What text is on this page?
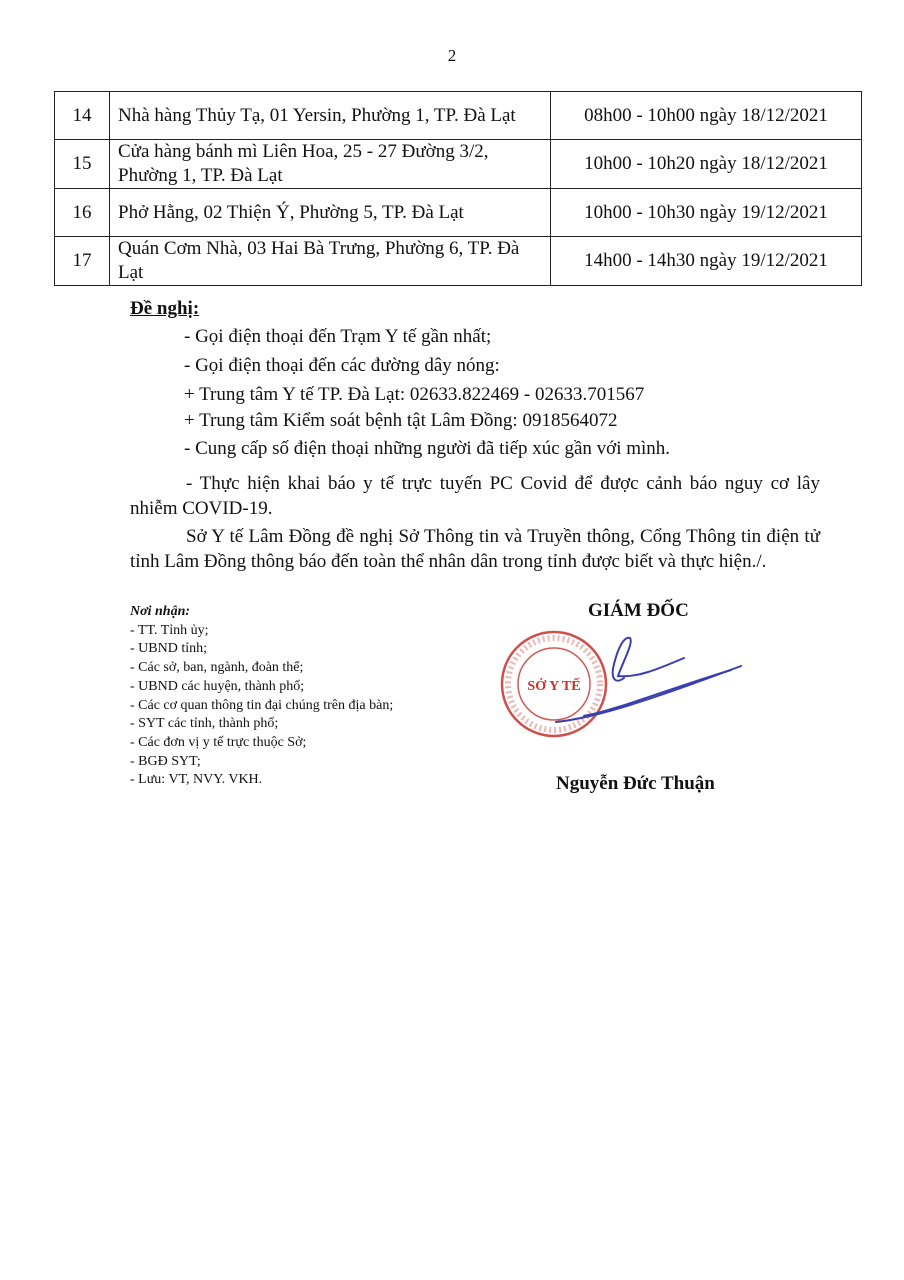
2
14	Nhà hàng Thủy Tạ, 01 Yersin, Phường 1, TP. Đà Lạt	08h00 - 10h00 ngày 18/12/2021
15	Cửa hàng bánh mì Liên Hoa, 25 - 27 Đường 3/2, Phường 1, TP. Đà Lạt	10h00 - 10h20 ngày 18/12/2021
16	Phở Hằng, 02 Thiện Ý, Phường 5, TP. Đà Lạt	10h00 - 10h30 ngày 19/12/2021
17	Quán Cơm Nhà, 03 Hai Bà Trưng, Phường 6, TP. Đà Lạt	14h00 - 14h30 ngày 19/12/2021
Đề nghị:
- Gọi điện thoại đến Trạm Y tế gần nhất;
- Gọi điện thoại đến các đường dây nóng:
+ Trung tâm Y tế TP. Đà Lạt: 02633.822469 - 02633.701567
+ Trung tâm Kiểm soát bệnh tật Lâm Đồng: 0918564072
- Cung cấp số điện thoại những người đã tiếp xúc gần với mình.
- Thực hiện khai báo y tế trực tuyến PC Covid để được cảnh báo nguy cơ lây nhiễm COVID-19.
Sở Y tế Lâm Đồng đề nghị Sở Thông tin và Truyền thông, Cổng Thông tin điện tử tỉnh Lâm Đồng thông báo đến toàn thể nhân dân trong tỉnh được biết và thực hiện./.
Nơi nhận:
- TT. Tỉnh ủy;
- UBND tỉnh;
- Các sở, ban, ngành, đoàn thể;
- UBND các huyện, thành phố;
- Các cơ quan thông tin đại chúng trên địa bàn;
- SYT các tỉnh, thành phố;
- Các đơn vị y tế trực thuộc Sở;
- BGĐ SYT;
- Lưu: VT, NVY. VKH.
GIÁM ĐỐC
SỞ Y TẾ
Nguyễn Đức Thuận
